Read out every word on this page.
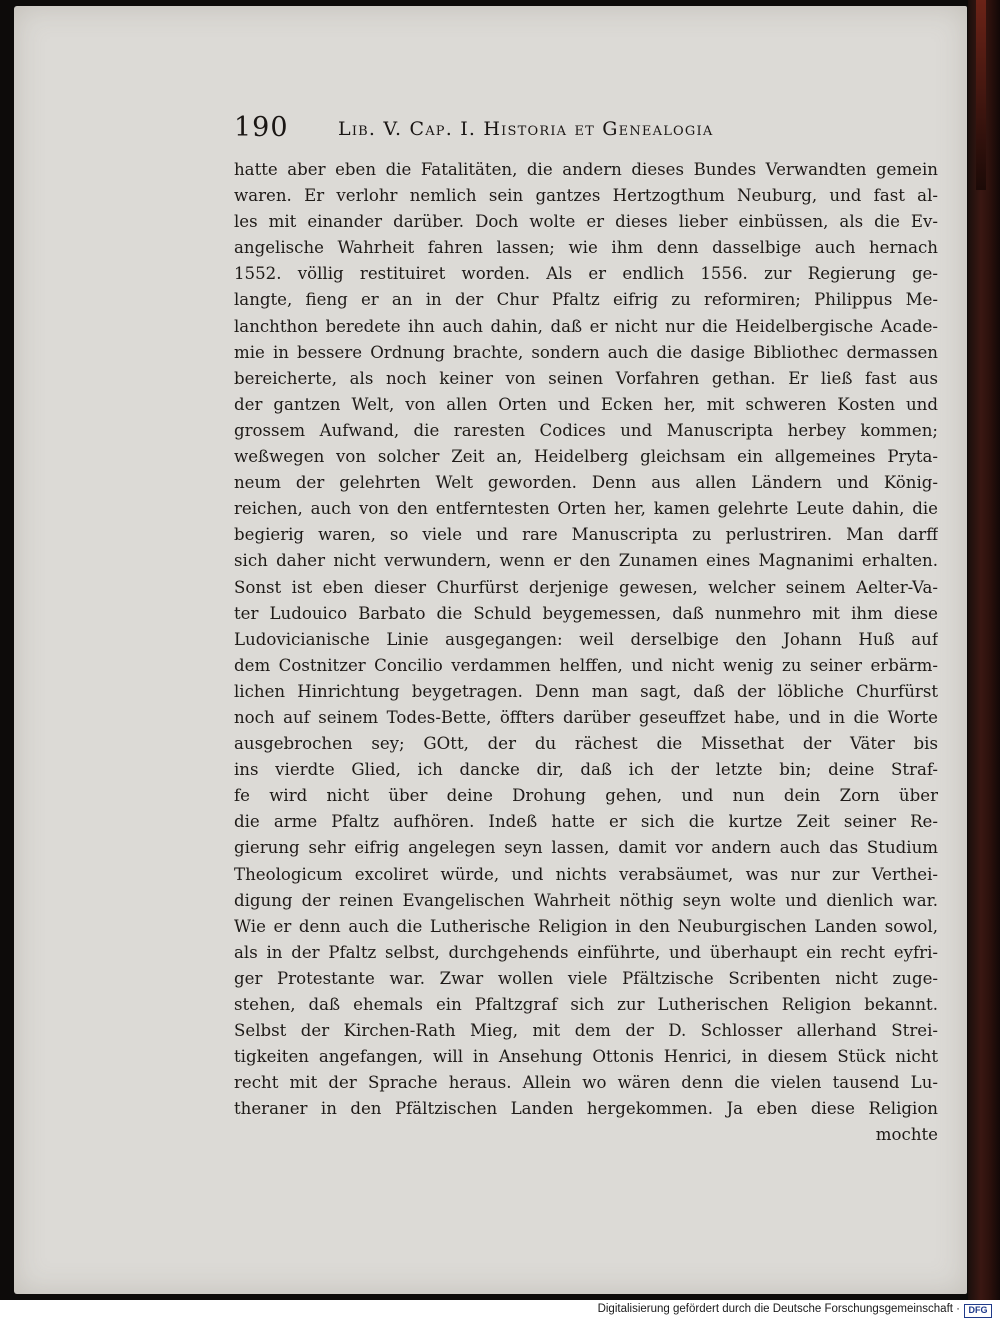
190	Lib. V. Cap. I. Historia et Genealogia
hatte aber eben die Fatalitäten, die andern dieses Bundes Verwandten gemein
waren. Er verlohr nemlich sein gantzes Hertzogthum Neuburg, und fast al-
les mit einander darüber. Doch wolte er dieses lieber einbüssen, als die Ev-
angelische Wahrheit fahren lassen; wie ihm denn dasselbige auch hernach
1552. völlig restituiret worden. Als er endlich 1556. zur Regierung ge-
langte, fieng er an in der Chur Pfaltz eifrig zu reformiren; Philippus Me-
lanchthon beredete ihn auch dahin, daß er nicht nur die Heidelbergische Acade-
mie in bessere Ordnung brachte, sondern auch die dasige Bibliothec dermassen
bereicherte, als noch keiner von seinen Vorfahren gethan. Er ließ fast aus
der gantzen Welt, von allen Orten und Ecken her, mit schweren Kosten und
grossem Aufwand, die raresten Codices und Manuscripta herbey kommen;
weßwegen von solcher Zeit an, Heidelberg gleichsam ein allgemeines Pryta-
neum der gelehrten Welt geworden. Denn aus allen Ländern und König-
reichen, auch von den entferntesten Orten her, kamen gelehrte Leute dahin, die
begierig waren, so viele und rare Manuscripta zu perlustriren. Man darff
sich daher nicht verwundern, wenn er den Zunamen eines Magnanimi erhalten.
Sonst ist eben dieser Churfürst derjenige gewesen, welcher seinem Aelter-Va-
ter Ludouico Barbato die Schuld beygemessen, daß nunmehro mit ihm diese
Ludovicianische Linie ausgegangen: weil derselbige den Johann Huß auf
dem Costnitzer Concilio verdammen helffen, und nicht wenig zu seiner erbärm-
lichen Hinrichtung beygetragen. Denn man sagt, daß der löbliche Churfürst
noch auf seinem Todes-Bette, öffters darüber geseuffzet habe, und in die Worte
ausgebrochen sey; GOtt, der du rächest die Missethat der Väter bis
ins vierdte Glied, ich dancke dir, daß ich der letzte bin; deine Straf-
fe wird nicht über deine Drohung gehen, und nun dein Zorn über
die arme Pfaltz aufhören. Indeß hatte er sich die kurtze Zeit seiner Re-
gierung sehr eifrig angelegen seyn lassen, damit vor andern auch das Studium
Theologicum excoliret würde, und nichts verabsäumet, was nur zur Verthei-
digung der reinen Evangelischen Wahrheit nöthig seyn wolte und dienlich war.
Wie er denn auch die Lutherische Religion in den Neuburgischen Landen sowol,
als in der Pfaltz selbst, durchgehends einführte, und überhaupt ein recht eyfri-
ger Protestante war. Zwar wollen viele Pfältzische Scribenten nicht zuge-
stehen, daß ehemals ein Pfaltzgraf sich zur Lutherischen Religion bekannt.
Selbst der Kirchen-Rath Mieg, mit dem der D. Schlosser allerhand Strei-
tigkeiten angefangen, will in Ansehung Ottonis Henrici, in diesem Stück nicht
recht mit der Sprache heraus. Allein wo wären denn die vielen tausend Lu-
theraner in den Pfältzischen Landen hergekommen. Ja eben diese Religion
mochte
Digitalisierung gefördert durch die Deutsche Forschungsgemeinschaft · DFG
